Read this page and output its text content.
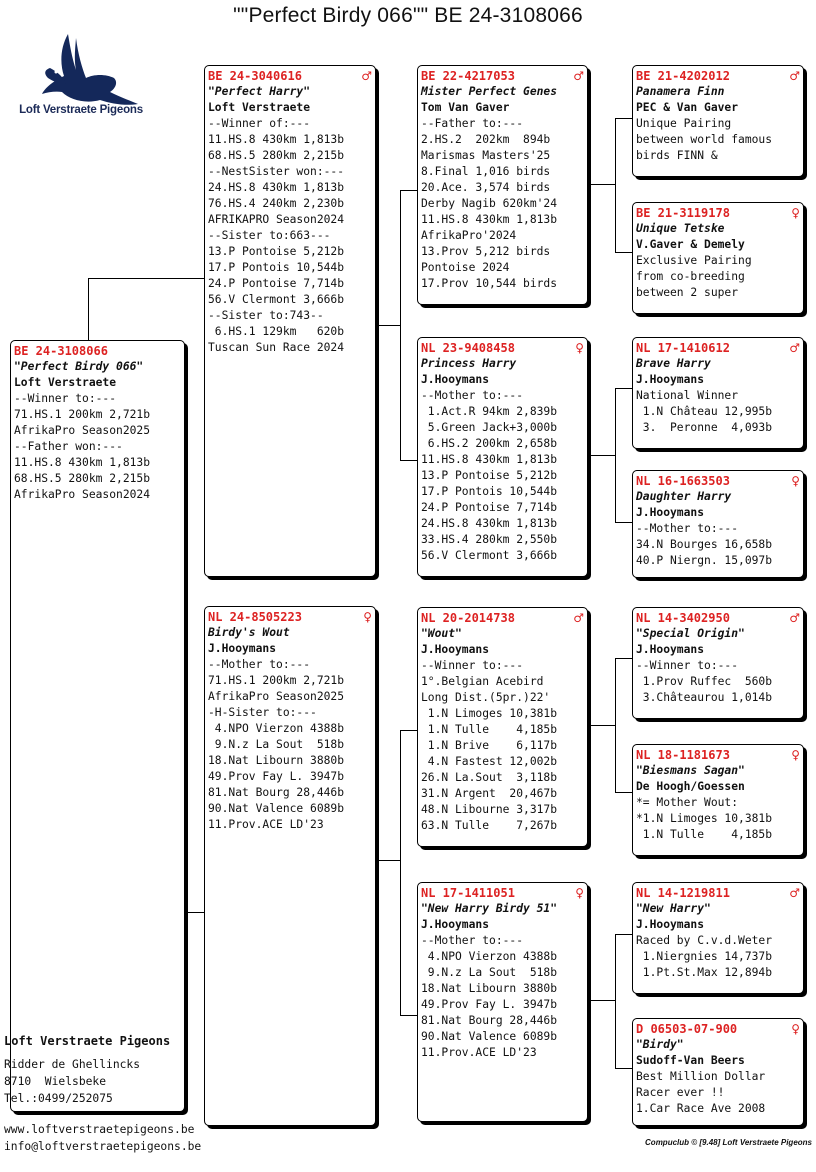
""Perfect Birdy 066"" BE 24-3108066
Loft Verstraete Pigeons
BE 24-3108066
"Perfect Birdy 066"
Loft Verstraete
--Winner to:---
71.HS.1 200km 2,721b
AfrikaPro Season2025
--Father won:---
11.HS.8 430km 1,813b
68.HS.5 280km 2,215b
AfrikaPro Season2024
BE 24-3040616	♂
"Perfect Harry"
Loft Verstraete
--Winner of:---
11.HS.8 430km 1,813b
68.HS.5 280km 2,215b
--NestSister won:---
24.HS.8 430km 1,813b
76.HS.4 240km 2,230b
AFRIKAPRO Season2024
--Sister to:663---
13.P Pontoise 5,212b
17.P Pontois 10,544b
24.P Pontoise 7,714b
56.V Clermont 3,666b
--Sister to:743--
6.HS.1 129km   620b
Tuscan Sun Race 2024
NL 24-8505223	♀
Birdy's Wout
J.Hooymans
--Mother to:---
71.HS.1 200km 2,721b
AfrikaPro Season2025
-H-Sister to:---
4.NPO Vierzon 4388b
9.N.z La Sout  518b
18.Nat Libourn 3880b
49.Prov Fay L. 3947b
81.Nat Bourg 28,446b
90.Nat Valence 6089b
11.Prov.ACE LD'23
BE 22-4217053	♂
Mister Perfect Genes
Tom Van Gaver
--Father to:---
2.HS.2  202km  894b
Marismas Masters'25
8.Final 1,016 birds
20.Ace. 3,574 birds
Derby Nagib 620km'24
11.HS.8 430km 1,813b
AfrikaPro'2024
13.Prov 5,212 birds
Pontoise 2024
17.Prov 10,544 birds
NL 23-9408458	♀
Princess Harry
J.Hooymans
--Mother to:---
1.Act.R 94km 2,839b
5.Green Jack+3,000b
6.HS.2 200km 2,658b
11.HS.8 430km 1,813b
13.P Pontoise 5,212b
17.P Pontois 10,544b
24.P Pontoise 7,714b
24.HS.8 430km 1,813b
33.HS.4 280km 2,550b
56.V Clermont 3,666b
NL 20-2014738	♂
"Wout"
J.Hooymans
--Winner to:---
1°.Belgian Acebird
Long Dist.(5pr.)22'
1.N Limoges 10,381b
1.N Tulle    4,185b
1.N Brive    6,117b
4.N Fastest 12,002b
26.N La.Sout  3,118b
31.N Argent  20,467b
48.N Libourne 3,317b
63.N Tulle    7,267b
NL 17-1411051	♀
"New Harry Birdy 51"
J.Hooymans
--Mother to:---
4.NPO Vierzon 4388b
9.N.z La Sout  518b
18.Nat Libourn 3880b
49.Prov Fay L. 3947b
81.Nat Bourg 28,446b
90.Nat Valence 6089b
11.Prov.ACE LD'23
BE 21-4202012	♂
Panamera Finn
PEC & Van Gaver
Unique Pairing
between world famous
birds FINN &
BE 21-3119178	♀
Unique Tetske
V.Gaver & Demely
Exclusive Pairing
from co-breeding
between 2 super
NL 17-1410612	♂
Brave Harry
J.Hooymans
National Winner
1.N Château 12,995b
3.  Peronne  4,093b
NL 16-1663503	♀
Daughter Harry
J.Hooymans
--Mother to:---
34.N Bourges 16,658b
40.P Niergn. 15,097b
NL 14-3402950	♂
"Special Origin"
J.Hooymans
--Winner to:---
1.Prov Ruffec  560b
3.Châteaurou 1,014b
NL 18-1181673	♀
"Biesmans Sagan"
De Hoogh/Goessen
*= Mother Wout:
*1.N Limoges 10,381b
1.N Tulle    4,185b
NL 14-1219811	♂
"New Harry"
J.Hooymans
Raced by C.v.d.Weter
1.Niergnies 14,737b
1.Pt.St.Max 12,894b
D 06503-07-900	♀
"Birdy"
Sudoff-Van Beers
Best Million Dollar
Racer ever !!
1.Car Race Ave 2008
Loft Verstraete Pigeons
Ridder de Ghellincks
8710  Wielsbeke
Tel.:0499/252075
www.loftverstraetepigeons.be
info@loftverstraetepigeons.be	Compuclub © [9.48] Loft Verstraete Pigeons
